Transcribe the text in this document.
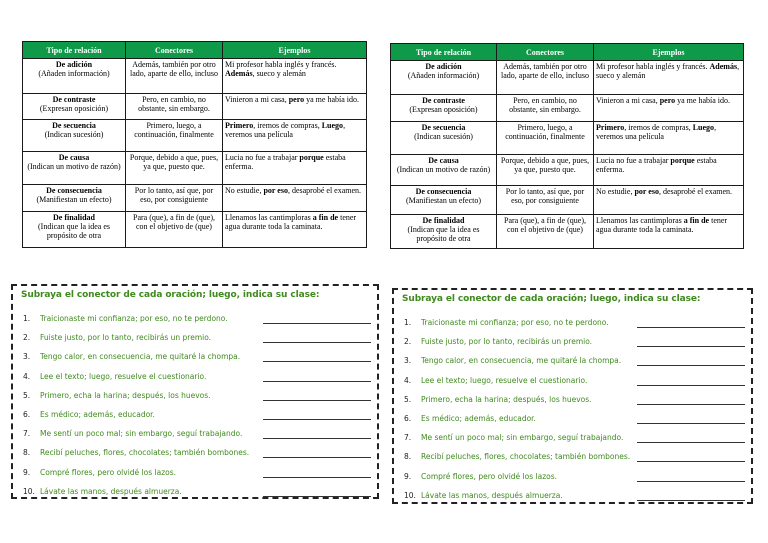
Tipo de relación	Conectores	Ejemplos

De adición
(Añaden información)	Además, también por otro lado, aparte de ello, incluso	Mi profesor habla inglés y francés. Además, sueco y alemán

De contraste
(Expresan oposición)	Pero, en cambio, no obstante, sin embargo.	Vinieron a mi casa, pero ya me había ido.

De secuencia
(Indican sucesión)	Primero, luego, a continuación, finalmente	Primero, iremos de compras, Luego, veremos una película

De causa
(Indican un motivo de razón)	Porque, debido a que, pues, ya que, puesto que.	Lucia no fue a trabajar porque estaba enferma.

De consecuencia
(Manifiestan un efecto)	Por lo tanto, así que, por eso, por consiguiente	No estudie, por eso, desaprobé el examen.

De finalidad
(Indican que la idea es propósito de otra	Para (que), a fin de (que), con el objetivo de (que)	Llenamos las cantimploras a fin de tener agua durante toda la caminata.
Tipo de relación	Conectores	Ejemplos

De adición
(Añaden información)	Además, también por otro lado, aparte de ello, incluso	Mi profesor habla inglés y francés. Además, sueco y alemán

De contraste
(Expresan oposición)	Pero, en cambio, no obstante, sin embargo.	Vinieron a mi casa, pero ya me había ido.

De secuencia
(Indican sucesión)	Primero, luego, a continuación, finalmente	Primero, iremos de compras, Luego, veremos una película

De causa
(Indican un motivo de razón)	Porque, debido a que, pues, ya que, puesto que.	Lucia no fue a trabajar porque estaba enferma.

De consecuencia
(Manifiestan un efecto)	Por lo tanto, así que, por eso, por consiguiente	No estudie, por eso, desaprobé el examen.

De finalidad
(Indican que la idea es propósito de otra	Para (que), a fin de (que), con el objetivo de (que)	Llenamos las cantimploras a fin de tener agua durante toda la caminata.
Subraya el conector de cada oración; luego, indica su clase:
1.	Traicionaste mi confianza; por eso, no te perdono.
2.	Fuiste justo, por lo tanto, recibirás un premio.
3.	Tengo calor, en consecuencia, me quitaré la chompa.
4.	Lee el texto; luego, resuelve el cuestionario.
5.	Primero, echa la harina; después, los huevos.
6.	Es médico; además, educador.
7.	Me sentí un poco mal; sin embargo, seguí trabajando.
8.	Recibí peluches, flores, chocolates; también bombones.
9.	Compré flores, pero olvidé los lazos.
10. Lávate las manos, después almuerza.
Subraya el conector de cada oración; luego, indica su clase:
1.	Traicionaste mi confianza; por eso, no te perdono.
2.	Fuiste justo, por lo tanto, recibirás un premio.
3.	Tengo calor, en consecuencia, me quitaré la chompa.
4.	Lee el texto; luego, resuelve el cuestionario.
5.	Primero, echa la harina; después, los huevos.
6.	Es médico; además, educador.
7.	Me sentí un poco mal; sin embargo, seguí trabajando.
8.	Recibí peluches, flores, chocolates; también bombones.
9.	Compré flores, pero olvidé los lazos.
10. Lávate las manos, después almuerza.
